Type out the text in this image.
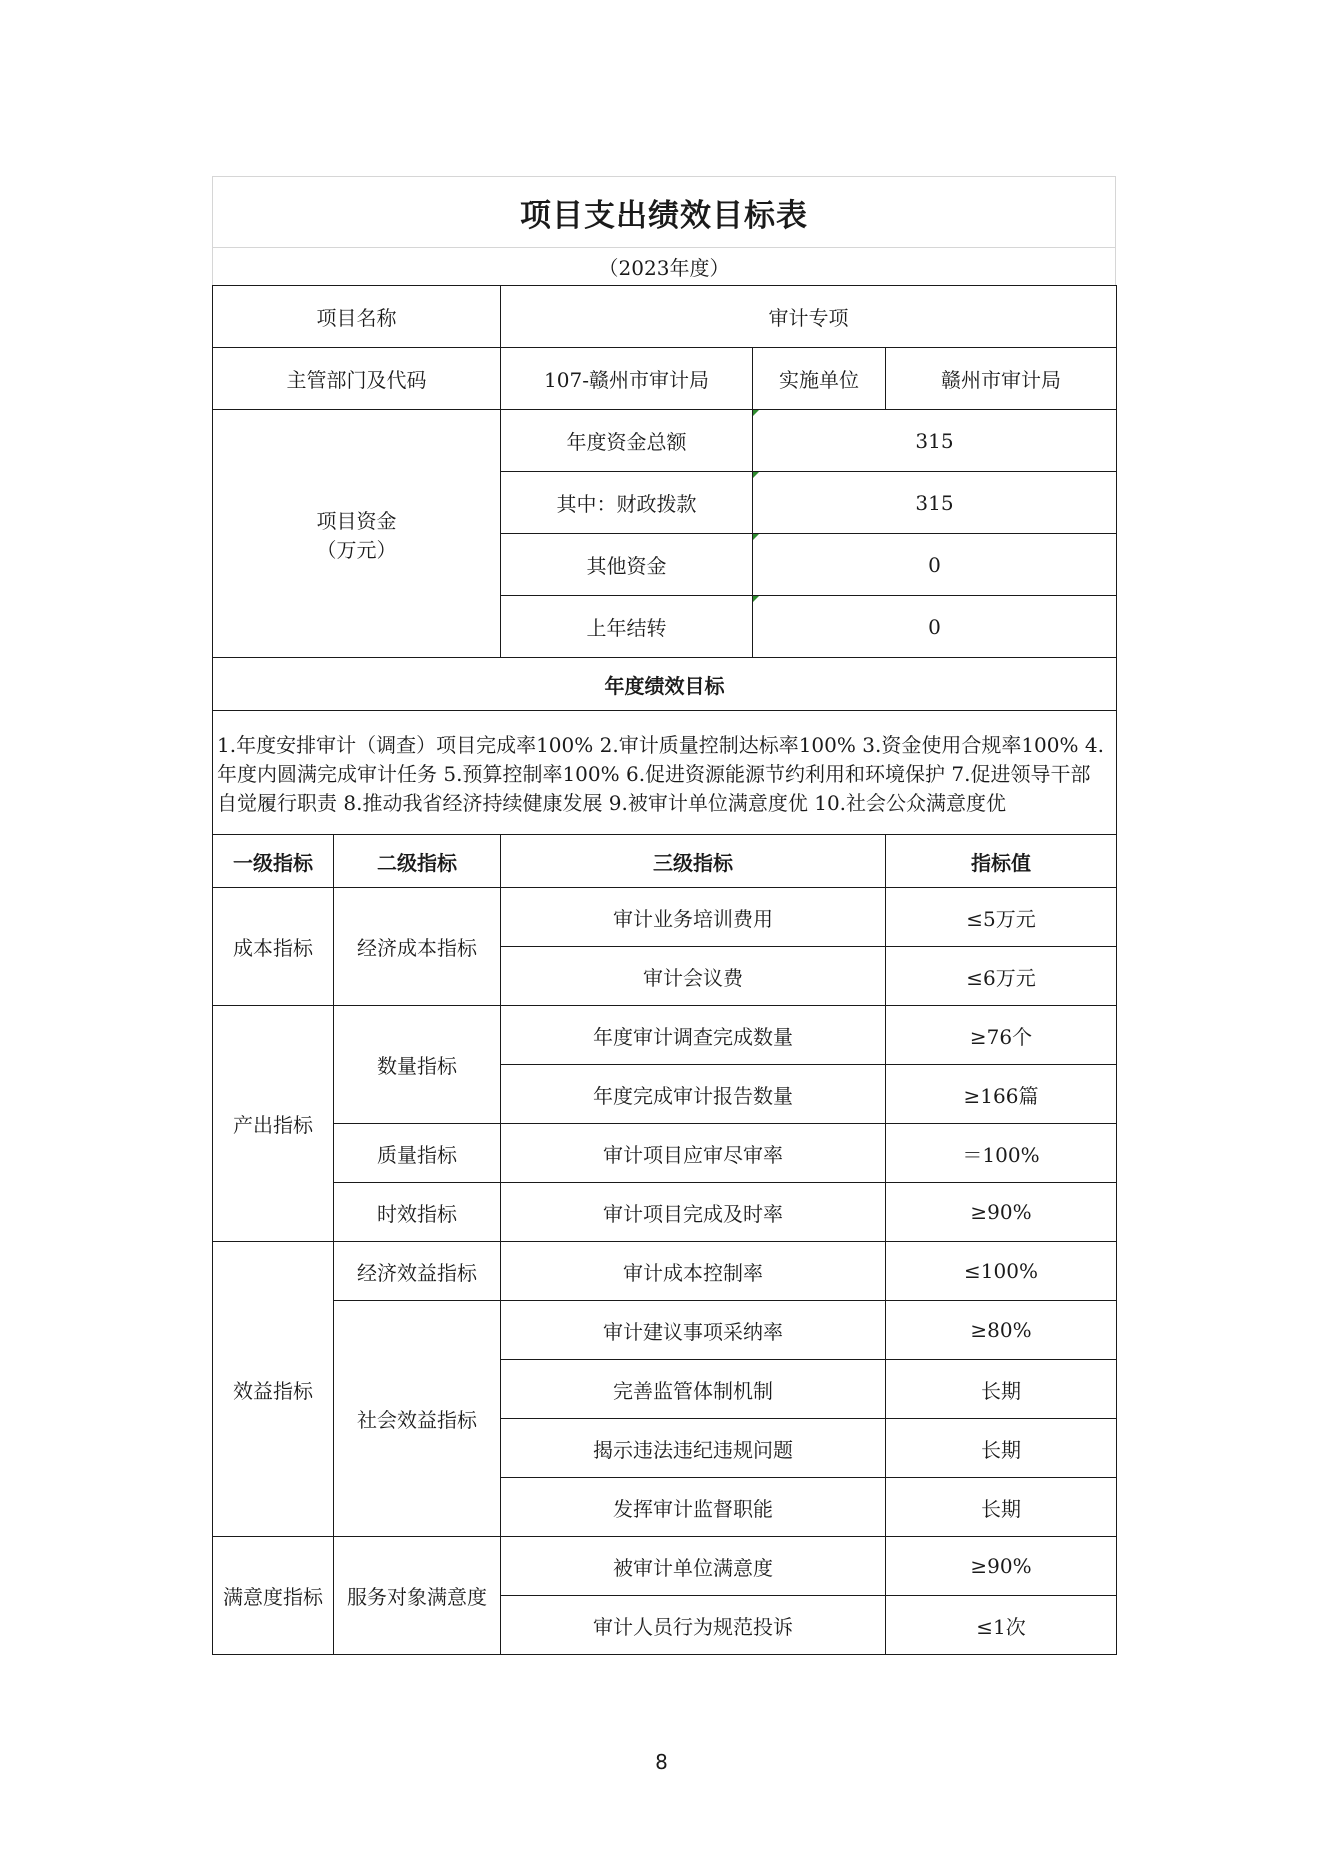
项目支出绩效目标表
（2023年度）
项目名称		审计专项		
主管部门及代码		107-赣州市审计局	实施单位	赣州市审计局

项目资金
（万元）		年度资金总额	315	
		其中：财政拨款	315	
		其他资金	0	
		上年结转	0	
年度绩效目标				
1.年度安排审计（调查）项目完成率100% 2.审计质量控制达标率100% 3.资金使用合规率100% 4.年度内圆满完成审计任务 5.预算控制率100% 6.促进资源能源节约利用和环境保护 7.促进领导干部自觉履行职责 8.推动我省经济持续健康发展 9.被审计单位满意度优 10.社会公众满意度优				
一级指标	二级指标	三级指标		指标值
成本指标	经济成本指标	审计业务培训费用		≤5万元
		审计会议费		≤6万元
产出指标	数量指标	年度审计调查完成数量		≥76个
		年度完成审计报告数量		≥166篇
	质量指标	审计项目应审尽审率		＝100%
	时效指标	审计项目完成及时率		≥90%
效益指标	经济效益指标	审计成本控制率		≤100%
	社会效益指标	审计建议事项采纳率		≥80%
		完善监管体制机制		长期
		揭示违法违纪违规问题		长期
		发挥审计监督职能		长期
满意度指标	服务对象满意度	被审计单位满意度		≥90%
		审计人员行为规范投诉		≤1次
8
